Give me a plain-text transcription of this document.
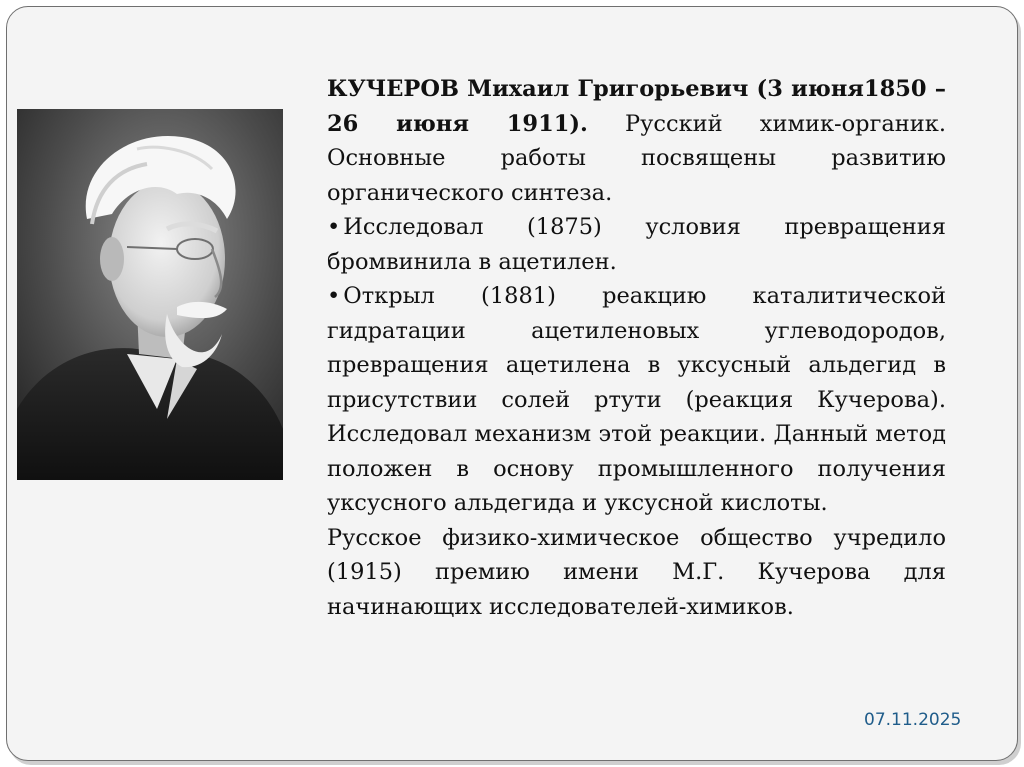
КУЧЕРОВ Михаил Григорьевич (3 июня1850 – 26 июня 1911). Русский химик-органик. Основные работы посвящены развитию органического синтеза.

• Исследовал (1875) условия превращения бромвинила в ацетилен.

• Открыл (1881) реакцию каталитической гидратации ацетиленовых углеводородов, превращения ацетилена в уксусный альдегид в присутствии солей ртути (реакция Кучерова). Исследовал механизм этой реакции. Данный метод положен в основу промышленного получения уксусного альдегида и уксусной кислоты.

Русское физико-химическое общество учредило (1915) премию имени М.Г. Кучерова для начинающих исследователей-химиков.

07.11.2025
